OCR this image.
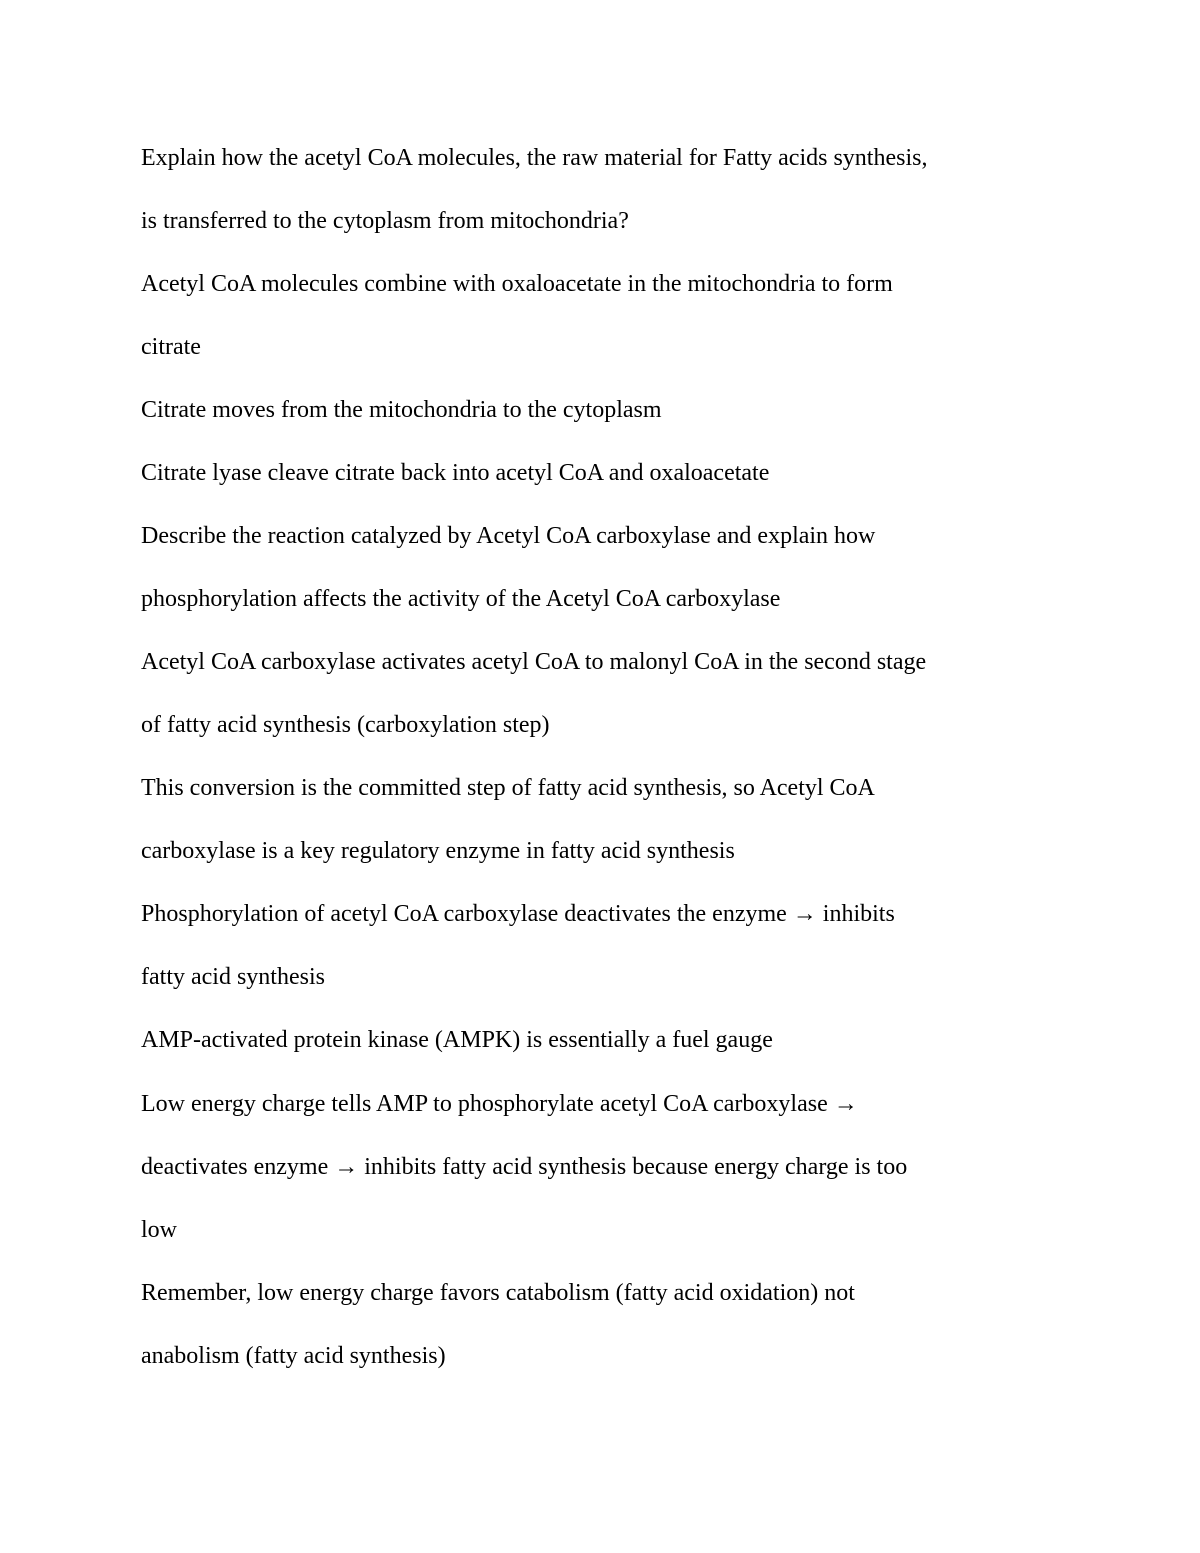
Explain how the acetyl CoA molecules, the raw material for Fatty acids synthesis,

is transferred to the cytoplasm from mitochondria?

Acetyl CoA molecules combine with oxaloacetate in the mitochondria to form

citrate

Citrate moves from the mitochondria to the cytoplasm

Citrate lyase cleave citrate back into acetyl CoA and oxaloacetate

Describe the reaction catalyzed by Acetyl CoA carboxylase and explain how

phosphorylation affects the activity of the Acetyl CoA carboxylase

Acetyl CoA carboxylase activates acetyl CoA to malonyl CoA in the second stage

of fatty acid synthesis (carboxylation step)

This conversion is the committed step of fatty acid synthesis, so Acetyl CoA

carboxylase is a key regulatory enzyme in fatty acid synthesis

Phosphorylation of acetyl CoA carboxylase deactivates the enzyme → inhibits

fatty acid synthesis

AMP-activated protein kinase (AMPK) is essentially a fuel gauge

Low energy charge tells AMP to phosphorylate acetyl CoA carboxylase →

deactivates enzyme → inhibits fatty acid synthesis because energy charge is too

low

Remember, low energy charge favors catabolism (fatty acid oxidation) not

anabolism (fatty acid synthesis)
